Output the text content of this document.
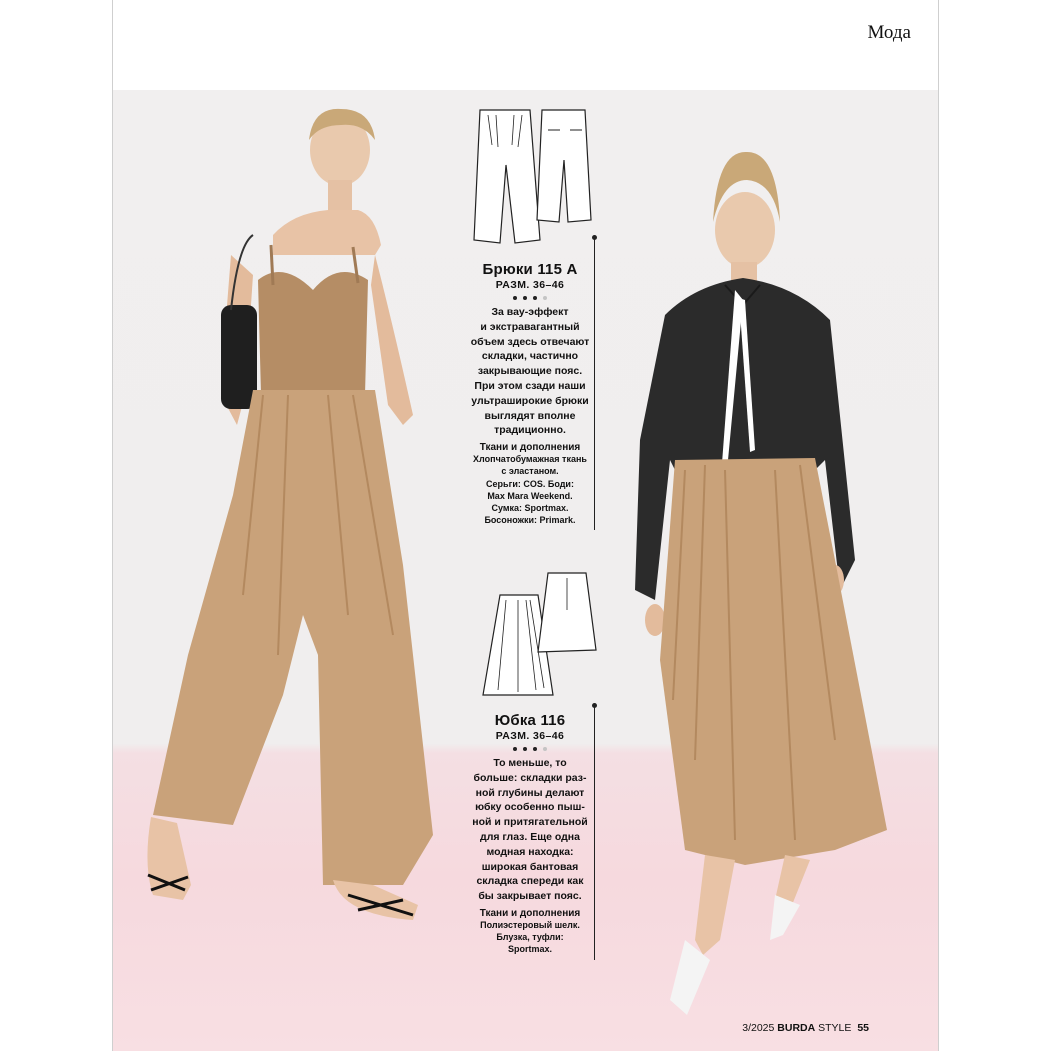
Мода
Брюки 115 А
РАЗМ. 36–46
За вау-эффект
и экстравагантный
объем здесь отвечают
складки, частично
закрывающие пояс.
При этом сзади наши
ультраширокие брюки
выглядят вполне
традиционно.
Ткани и дополнения
Хлопчатобумажная ткань
с эластаном.
Серьги: COS. Боди:
Max Mara Weekend.
Сумка: Sportmax.
Босоножки: Primark.
Юбка 116
РАЗМ. 36–46
То меньше, то
больше: складки раз-
ной глубины делают
юбку особенно пыш-
ной и притягательной
для глаз. Еще одна
модная находка:
широкая бантовая
складка спереди как
бы закрывает пояс.
Ткани и дополнения
Полиэстеровый шелк.
Блузка, туфли:
Sportmax.
3/2025 BURDA STYLE 55
